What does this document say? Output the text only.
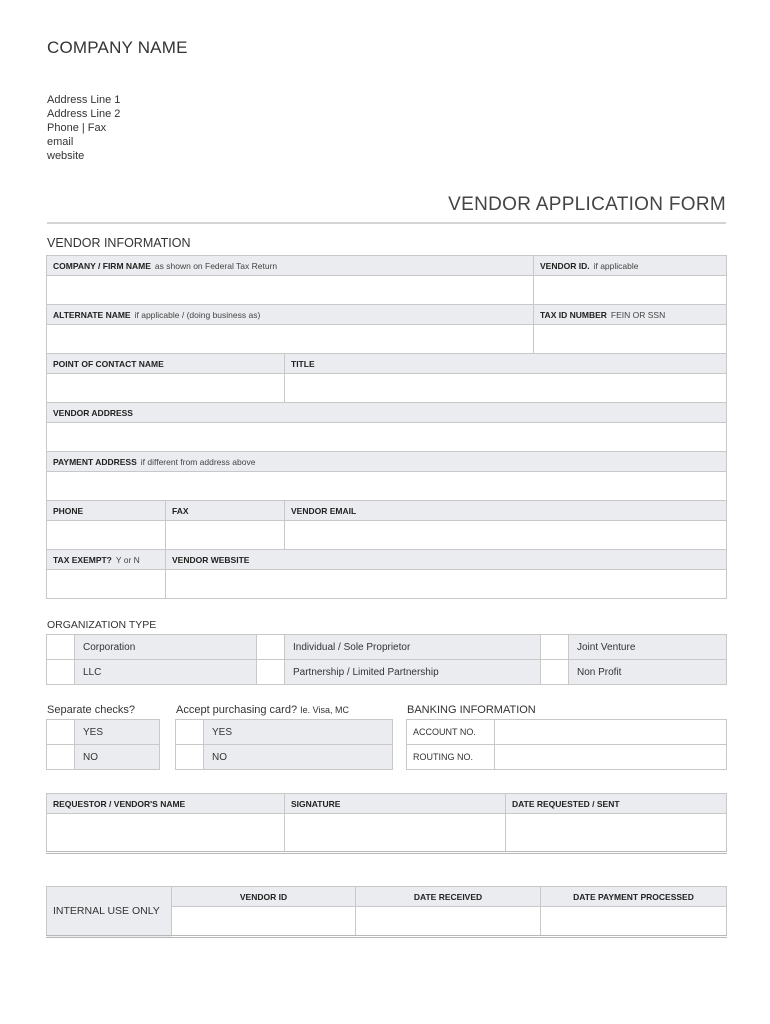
COMPANY NAME
Address Line 1
Address Line 2
Phone | Fax
email
website
VENDOR APPLICATION FORM
VENDOR INFORMATION
COMPANY / FIRM NAME as shown on Federal Tax Return			VENDOR ID. if applicable

ALTERNATE NAME if applicable / (doing business as)			TAX ID NUMBER FEIN OR SSN

POINT OF CONTACT NAME		TITLE	

VENDOR ADDRESS			

PAYMENT ADDRESS if different from address above			

PHONE	FAX	VENDOR EMAIL	

TAX EXEMPT? Y or N	VENDOR WEBSITE		

ORGANIZATION TYPE
	Corporation		Individual / Sole Proprietor		Joint Venture
	LLC		Partnership / Limited Partnership		Non Profit
Separate checks?
	YES
	NO
Accept purchasing card? Ie. Visa, MC
	YES
	NO
BANKING INFORMATION
ACCOUNT NO.	
ROUTING NO.	
REQUESTOR / VENDOR'S NAME	SIGNATURE	DATE REQUESTED / SENT

INTERNAL USE ONLY	VENDOR ID	DATE RECEIVED	DATE PAYMENT PROCESSED
